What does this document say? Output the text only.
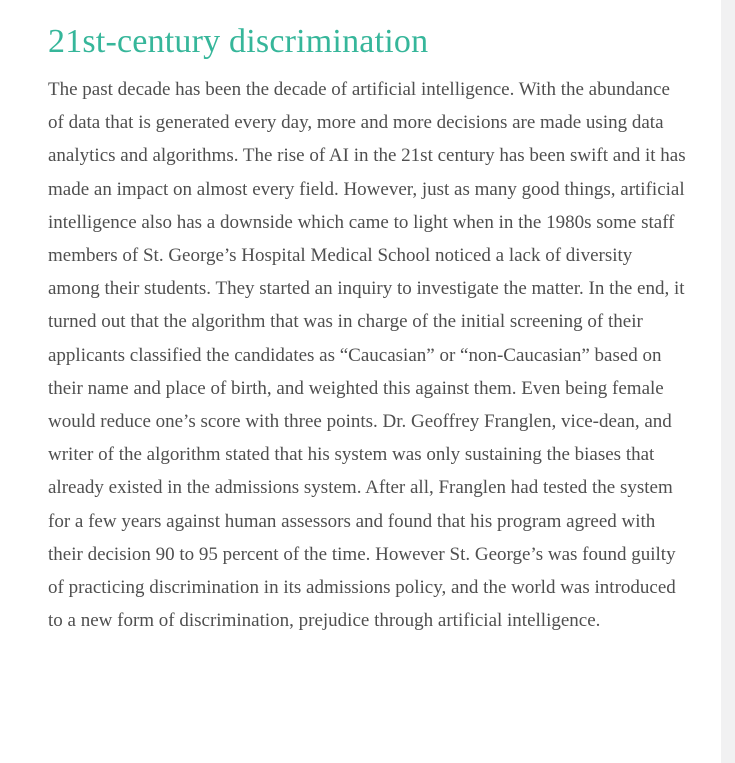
21st-century discrimination

The past decade has been the decade of artificial intelligence. With the abundance of data that is generated every day, more and more decisions are made using data analytics and algorithms. The rise of AI in the 21st century has been swift and it has made an impact on almost every field. However, just as many good things, artificial intelligence also has a downside which came to light when in the 1980s some staff members of St. George’s Hospital Medical School noticed a lack of diversity among their students. They started an inquiry to investigate the matter. In the end, it turned out that the algorithm that was in charge of the initial screening of their applicants classified the candidates as “Caucasian” or “non-Caucasian” based on their name and place of birth, and weighted this against them. Even being female would reduce one’s score with three points. Dr. Geoffrey Franglen, vice-dean, and writer of the algorithm stated that his system was only sustaining the biases that already existed in the admissions system. After all, Franglen had tested the system for a few years against human assessors and found that his program agreed with their decision 90 to 95 percent of the time. However St. George’s was found guilty of practicing discrimination in its admissions policy, and the world was introduced to a new form of discrimination, prejudice through artificial intelligence.
